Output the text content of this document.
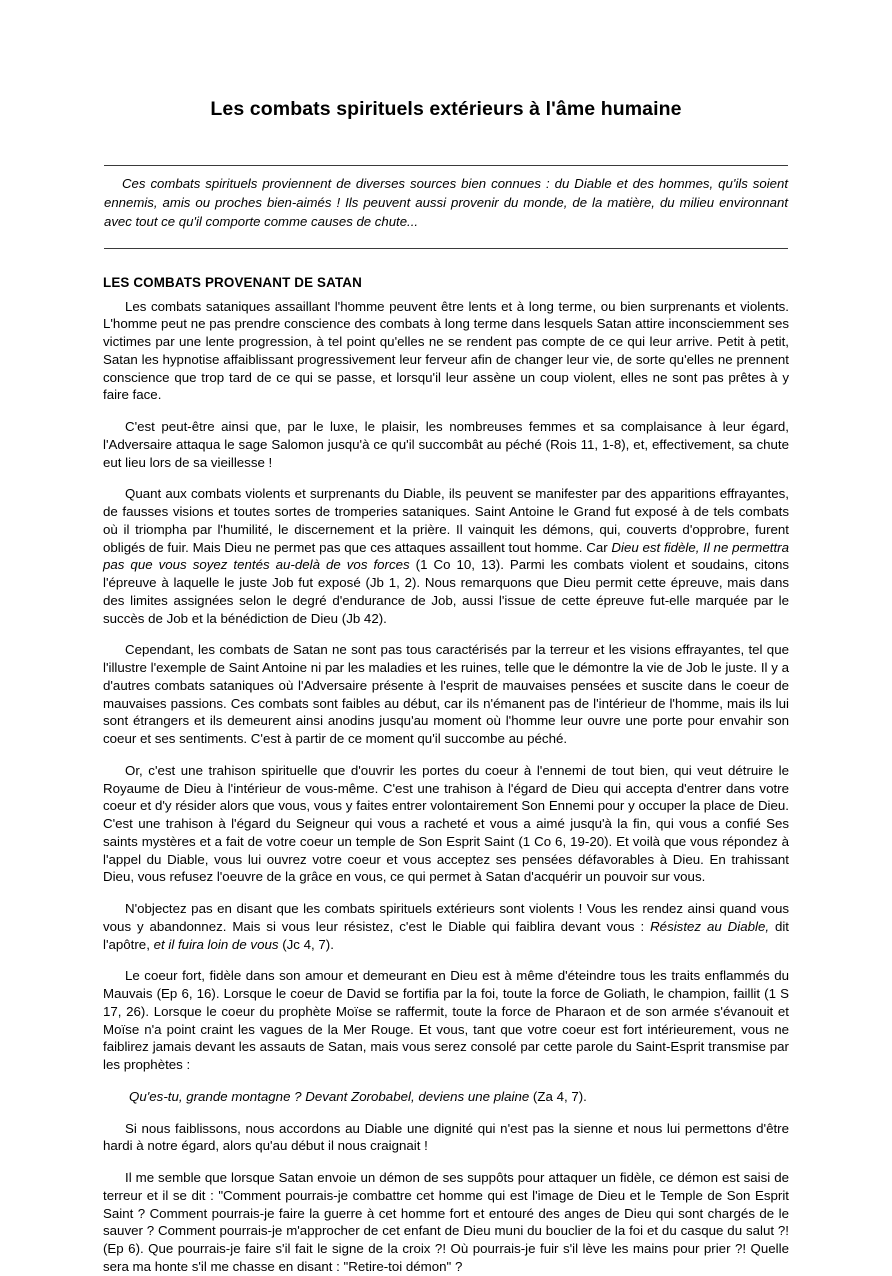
Les combats spirituels extérieurs à l'âme humaine

Ces combats spirituels proviennent de diverses sources bien connues : du Diable et des hommes, qu'ils soient ennemis, amis ou proches bien-aimés ! Ils peuvent aussi provenir du monde, de la matière, du milieu environnant avec tout ce qu'il comporte comme causes de chute...

LES COMBATS PROVENANT DE SATAN

Les combats sataniques assaillant l'homme peuvent être lents et à long terme, ou bien surprenants et violents. L'homme peut ne pas prendre conscience des combats à long terme dans lesquels Satan attire inconsciemment ses victimes par une lente progression, à tel point qu'elles ne se rendent pas compte de ce qui leur arrive. Petit à petit, Satan les hypnotise affaiblissant progressivement leur ferveur afin de changer leur vie, de sorte qu'elles ne prennent conscience que trop tard de ce qui se passe, et lorsqu'il leur assène un coup violent, elles ne sont pas prêtes à y faire face.

C'est peut-être ainsi que, par le luxe, le plaisir, les nombreuses femmes et sa complaisance à leur égard, l'Adversaire attaqua le sage Salomon jusqu'à ce qu'il succombât au péché (Rois 11, 1-8), et, effectivement, sa chute eut lieu lors de sa vieillesse !

Quant aux combats violents et surprenants du Diable, ils peuvent se manifester par des apparitions effrayantes, de fausses visions et toutes sortes de tromperies sataniques. Saint Antoine le Grand fut exposé à de tels combats où il triompha par l'humilité, le discernement et la prière. Il vainquit les démons, qui, couverts d'opprobre, furent obligés de fuir. Mais Dieu ne permet pas que ces attaques assaillent tout homme. Car Dieu est fidèle, Il ne permettra pas que vous soyez tentés au-delà de vos forces (1 Co 10, 13). Parmi les combats violent et soudains, citons l'épreuve à laquelle le juste Job fut exposé (Jb 1, 2). Nous remarquons que Dieu permit cette épreuve, mais dans des limites assignées selon le degré d'endurance de Job, aussi l'issue de cette épreuve fut-elle marquée par le succès de Job et la bénédiction de Dieu (Jb 42).

Cependant, les combats de Satan ne sont pas tous caractérisés par la terreur et les visions effrayantes, tel que l'illustre l'exemple de Saint Antoine ni par les maladies et les ruines, telle que le démontre la vie de Job le juste. Il y a d'autres combats sataniques où l'Adversaire présente à l'esprit de mauvaises pensées et suscite dans le coeur de mauvaises passions. Ces combats sont faibles au début, car ils n'émanent pas de l'intérieur de l'homme, mais ils lui sont étrangers et ils demeurent ainsi anodins jusqu'au moment où l'homme leur ouvre une porte pour envahir son coeur et ses sentiments. C'est à partir de ce moment qu'il succombe au péché.

Or, c'est une trahison spirituelle que d'ouvrir les portes du coeur à l'ennemi de tout bien, qui veut détruire le Royaume de Dieu à l'intérieur de vous-même. C'est une trahison à l'égard de Dieu qui accepta d'entrer dans votre coeur et d'y résider alors que vous, vous y faites entrer volontairement Son Ennemi pour y occuper la place de Dieu. C'est une trahison à l'égard du Seigneur qui vous a racheté et vous a aimé jusqu'à la fin, qui vous a confié Ses saints mystères et a fait de votre coeur un temple de Son Esprit Saint (1 Co 6, 19-20). Et voilà que vous répondez à l'appel du Diable, vous lui ouvrez votre coeur et vous acceptez ses pensées défavorables à Dieu. En trahissant Dieu, vous refusez l'oeuvre de la grâce en vous, ce qui permet à Satan d'acquérir un pouvoir sur vous.

N'objectez pas en disant que les combats spirituels extérieurs sont violents ! Vous les rendez ainsi quand vous vous y abandonnez. Mais si vous leur résistez, c'est le Diable qui faiblira devant vous : Résistez au Diable, dit l'apôtre, et il fuira loin de vous (Jc 4, 7).

Le coeur fort, fidèle dans son amour et demeurant en Dieu est à même d'éteindre tous les traits enflammés du Mauvais (Ep 6, 16). Lorsque le coeur de David se fortifia par la foi, toute la force de Goliath, le champion, faillit (1 S 17, 26). Lorsque le coeur du prophète Moïse se raffermit, toute la force de Pharaon et de son armée s'évanouit et Moïse n'a point craint les vagues de la Mer Rouge. Et vous, tant que votre coeur est fort intérieurement, vous ne faiblirez jamais devant les assauts de Satan, mais vous serez consolé par cette parole du Saint-Esprit transmise par les prophètes :

Qu'es-tu, grande montagne ? Devant Zorobabel, deviens une plaine (Za 4, 7).

Si nous faiblissons, nous accordons au Diable une dignité qui n'est pas la sienne et nous lui permettons d'être hardi à notre égard, alors qu'au début il nous craignait !

Il me semble que lorsque Satan envoie un démon de ses suppôts pour attaquer un fidèle, ce démon est saisi de terreur et il se dit : "Comment pourrais-je combattre cet homme qui est l'image de Dieu et le Temple de Son Esprit Saint ? Comment pourrais-je faire la guerre à cet homme fort et entouré des anges de Dieu qui sont chargés de le sauver ? Comment pourrais-je m'approcher de cet enfant de Dieu muni du bouclier de la foi et du casque du salut ?! (Ep 6). Que pourrais-je faire s'il fait le signe de la croix ?! Où pourrais-je fuir s'il lève les mains pour prier ?! Quelle sera ma honte s'il me chasse en disant : "Retire-toi démon" ?
